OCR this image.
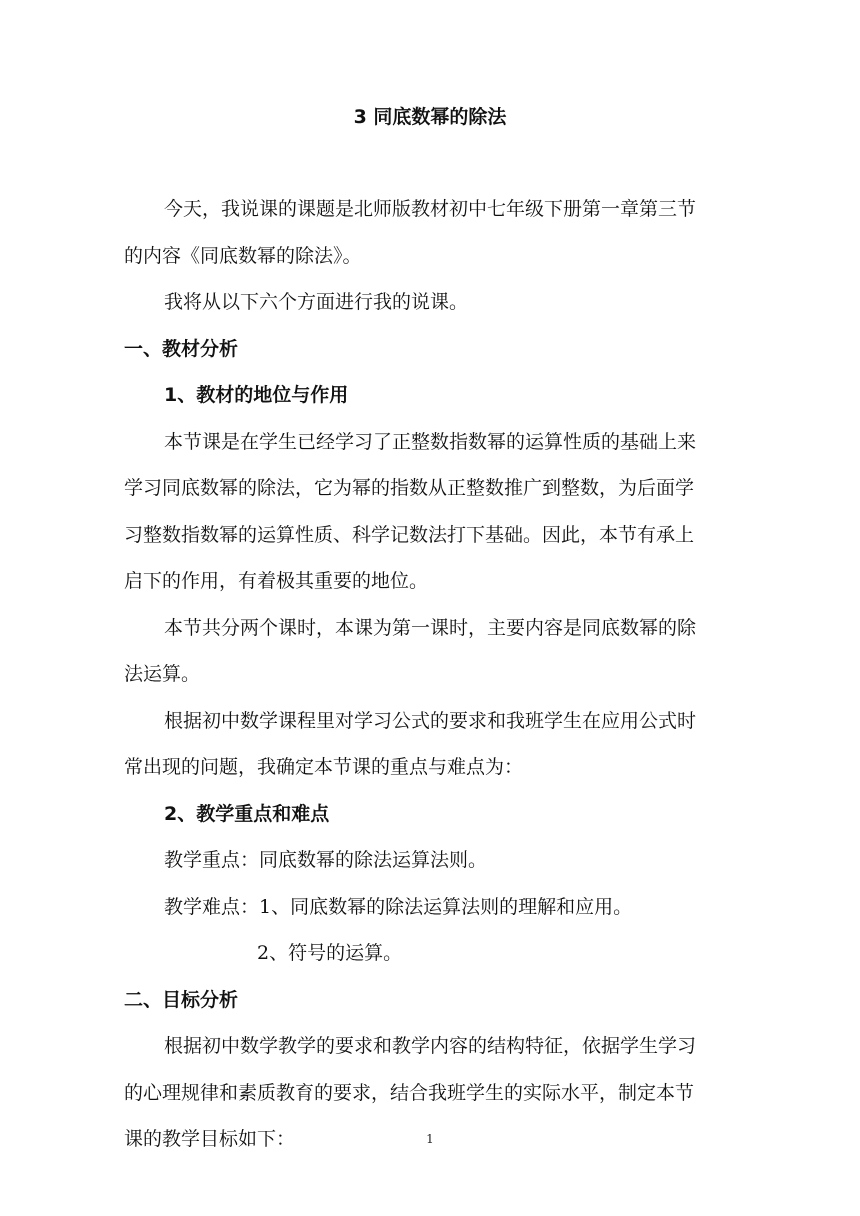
3 同底数幂的除法
今天，我说课的课题是北师版教材初中七年级下册第一章第三节
的内容《同底数幂的除法》。
我将从以下六个方面进行我的说课。
一、教材分析
1、教材的地位与作用
本节课是在学生已经学习了正整数指数幂的运算性质的基础上来
学习同底数幂的除法，它为幂的指数从正整数推广到整数，为后面学
习整数指数幂的运算性质、科学记数法打下基础。因此，本节有承上
启下的作用，有着极其重要的地位。
本节共分两个课时，本课为第一课时，主要内容是同底数幂的除
法运算。
根据初中数学课程里对学习公式的要求和我班学生在应用公式时
常出现的问题，我确定本节课的重点与难点为：
2、教学重点和难点
教学重点：同底数幂的除法运算法则。
教学难点：1、同底数幂的除法运算法则的理解和应用。
2、符号的运算。
二、目标分析
根据初中数学教学的要求和教学内容的结构特征，依据学生学习
的心理规律和素质教育的要求，结合我班学生的实际水平，制定本节
课的教学目标如下：	1
